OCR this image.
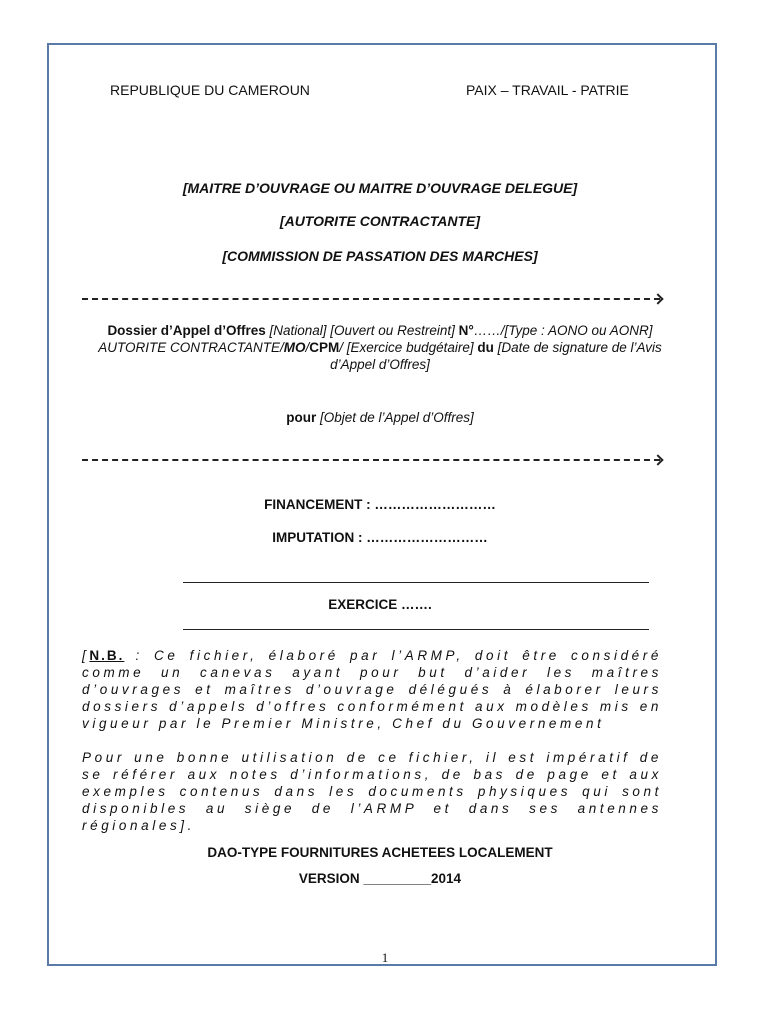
REPUBLIQUE DU CAMEROUN	PAIX – TRAVAIL - PATRIE
[MAITRE D’OUVRAGE OU MAITRE D’OUVRAGE DELEGUE]
[AUTORITE CONTRACTANTE]
[COMMISSION DE PASSATION DES MARCHES]
Dossier d’Appel d’Offres [National] [Ouvert ou Restreint] N°……/[Type : AONO ou AONR]
AUTORITE CONTRACTANTE/MO/CPM/ [Exercice budgétaire] du [Date de signature de l’Avis d’Appel d’Offres]
pour [Objet de l’Appel d’Offres]
FINANCEMENT : ………………………
IMPUTATION : ………………………
EXERCICE …….
[N.B. : Ce fichier, élaboré par l’ARMP, doit être considéré comme un canevas ayant pour but d’aider les maîtres d’ouvrages et maîtres d’ouvrage délégués à élaborer leurs dossiers d’appels d’offres conformément aux modèles mis en vigueur par le Premier Ministre, Chef du Gouvernement
Pour une bonne utilisation de ce fichier, il est impératif de se référer aux notes d’informations, de bas de page et aux exemples contenus dans les documents physiques qui sont disponibles au siège de l’ARMP et dans ses antennes régionales].
DAO-TYPE FOURNITURES ACHETEES LOCALEMENT
VERSION _________2014
1
